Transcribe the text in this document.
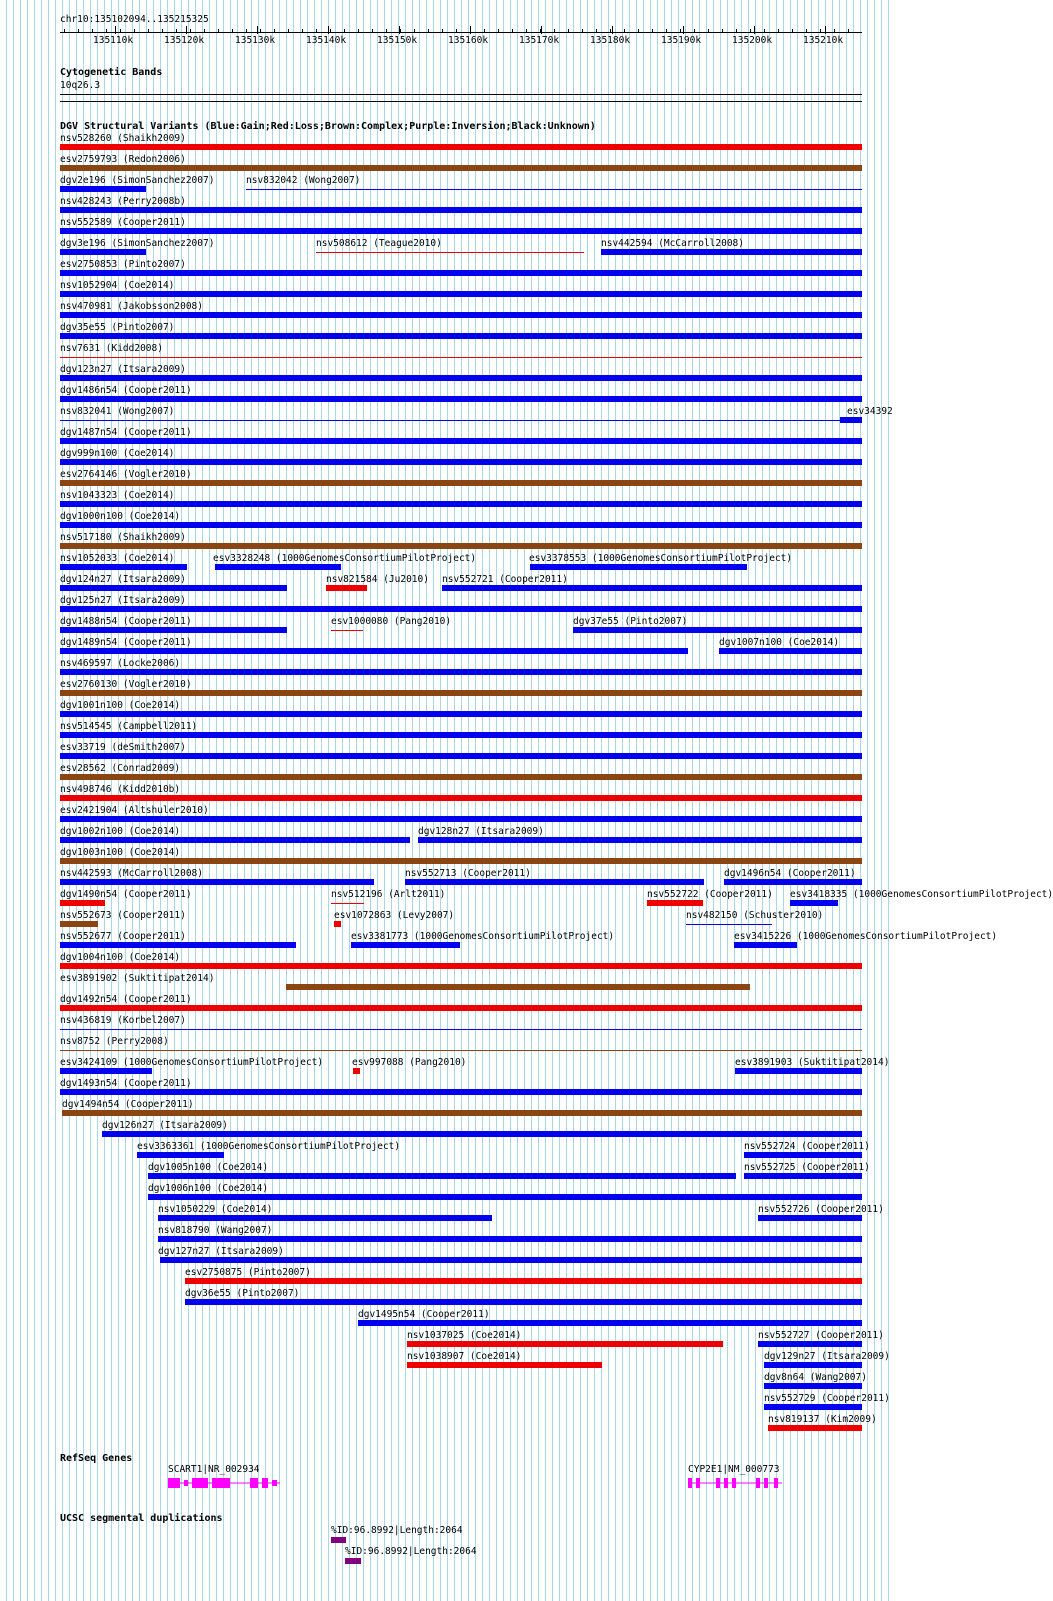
chr10:135102094..135215325
135110k	135120k	135130k	135140k	135150k	135160k	135170k	135180k	135190k	135200k	135210k
Cytogenetic Bands
10q26.3
DGV Structural Variants (Blue:Gain;Red:Loss;Brown:Complex;Purple:Inversion;Black:Unknown)
nsv528260 (Shaikh2009)
esv2759793 (Redon2006)
dgv2e196 (SimonSanchez2007)	nsv832042 (Wong2007)
nsv428243 (Perry2008b)
nsv552589 (Cooper2011)
dgv3e196 (SimonSanchez2007)	nsv508612 (Teague2010)	nsv442594 (McCarroll2008)
esv2750853 (Pinto2007)
nsv1052904 (Coe2014)
nsv470981 (Jakobsson2008)
dgv35e55 (Pinto2007)
nsv7631 (Kidd2008)
dgv123n27 (Itsara2009)
dgv1486n54 (Cooper2011)
nsv832041 (Wong2007)	esv34392
dgv1487n54 (Cooper2011)
dgv999n100 (Coe2014)
esv2764146 (Vogler2010)
nsv1043323 (Coe2014)
dgv1000n100 (Coe2014)
nsv517180 (Shaikh2009)
nsv1052033 (Coe2014)	esv3328248 (1000GenomesConsortiumPilotProject)	esv3378553 (1000GenomesConsortiumPilotProject)
dgv124n27 (Itsara2009)	nsv821584 (Ju2010) nsv552721 (Cooper2011)
dgv125n27 (Itsara2009)
dgv1488n54 (Cooper2011)	esv1000080 (Pang2010)	dgv37e55 (Pinto2007)
dgv1489n54 (Cooper2011)	dgv1007n100 (Coe2014)
nsv469597 (Locke2006)
esv2760130 (Vogler2010)
dgv1001n100 (Coe2014)
nsv514545 (Campbell2011)
esv33719 (deSmith2007)
esv28562 (Conrad2009)
nsv498746 (Kidd2010b)
esv2421904 (Altshuler2010)
dgv1002n100 (Coe2014)	dgv128n27 (Itsara2009)
dgv1003n100 (Coe2014)
nsv442593 (McCarroll2008)	nsv552713 (Cooper2011)	dgv1496n54 (Cooper2011)
dgv1490n54 (Cooper2011)	nsv512196 (Arlt2011)	nsv552722 (Cooper2011) esv3418335 (1000GenomesConsortiumPilotProject)
nsv552673 (Cooper2011)	esv1072863 (Levy2007)	nsv482150 (Schuster2010)
nsv552677 (Cooper2011)	esv3381773 (1000GenomesConsortiumPilotProject)	esv3415226 (1000GenomesConsortiumPilotProject)
dgv1004n100 (Coe2014)
esv3891902 (Suktitipat2014)
dgv1492n54 (Cooper2011)
nsv436819 (Korbel2007)
nsv8752 (Perry2008)
esv3424109 (1000GenomesConsortiumPilotProject)	esv997088 (Pang2010)	esv3891903 (Suktitipat2014)
dgv1493n54 (Cooper2011)
dgv1494n54 (Cooper2011)
dgv126n27 (Itsara2009)
esv3363361 (1000GenomesConsortiumPilotProject)	nsv552724 (Cooper2011)
dgv1005n100 (Coe2014)	nsv552725 (Cooper2011)
dgv1006n100 (Coe2014)
nsv1050229 (Coe2014)	nsv552726 (Cooper2011)
nsv818790 (Wang2007)
dgv127n27 (Itsara2009)
esv2750875 (Pinto2007)
dgv36e55 (Pinto2007)
dgv1495n54 (Cooper2011)
nsv1037025 (Coe2014)	nsv552727 (Cooper2011)
nsv1038907 (Coe2014)	dgv129n27 (Itsara2009)
dgv8n64 (Wang2007)
nsv552729 (Cooper2011)
nsv819137 (Kim2009)
RefSeq Genes
SCART1|NR_002934	CYP2E1|NM_000773
UCSC segmental duplications
%ID:96.8992|Length:2064
%ID:96.8992|Length:2064
